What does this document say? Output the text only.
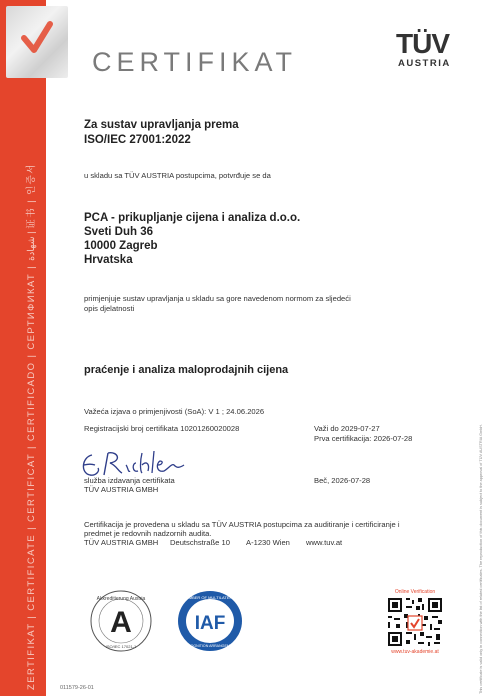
ZERTIFIKAT | CERTIFICATE | CERTIFICAT | CERTIFICADO | СЕРТИФИКАТ | شهادة | 证书 | 인증서
CERTIFIKAT
TÜV
AUSTRIA
Za sustav upravljanja prema
ISO/IEC 27001:2022
u skladu sa TÜV AUSTRIA postupcima, potvrđuje se da
PCA - prikupljanje cijena i analiza d.o.o.
Sveti Duh 36
10000 Zagreb
Hrvatska
primjenjuje sustav upravljanja u skladu sa gore navedenom normom za sljedeći
opis djelatnosti
praćenje i analiza maloprodajnih cijena
Važeća izjava o primjenjivosti (SoA): V 1 ; 24.06.2026
Registracijski broj certifikata 10201260020028	Važi do 2029-07-27
Prva certifikacija: 2026-07-28
služba izdavanja certifikata
TÜV AUSTRIA GMBH
Beč, 2026-07-28
Certifikacija je provedena u skladu sa TÜV AUSTRIA postupcima za auditiranje i certificiranje i
predmet je redovnih nadzornih audita.
TÜV AUSTRIA GMBH Deutschstraße 10 A-1230 Wien www.tuv.at
Akkreditierung Austria
A
ISO/IEC 17021-1
MEMBER OF MULTILATERAL
IAF
RECOGNITION ARRANGEMENT
Online Verification
www.tuv-akademie.at	This certificate is valid only in connection with the list of related certificates. The reproduction of this document is subject to the approval of TÜV AUSTRIA GmbH.
011579-26-01
